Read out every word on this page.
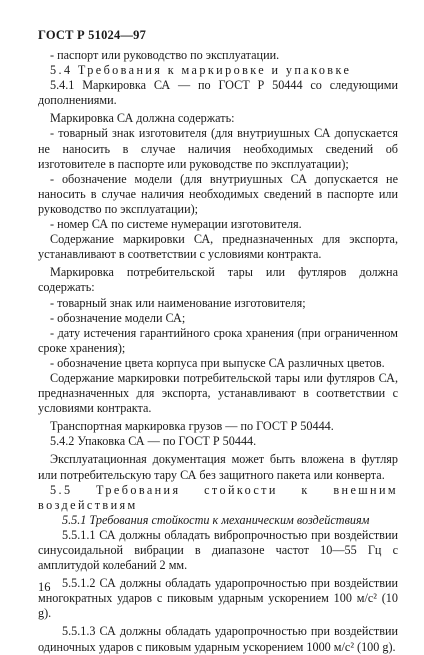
ГОСТ Р 51024—97

- паспорт или руководство по эксплуатации.

5.4 Требования к маркировке и упаковке

5.4.1 Маркировка СА — по ГОСТ Р 50444 со следующими дополнениями.

Маркировка СА должна содержать:

- товарный знак изготовителя (для внутриушных СА допускается не наносить в случае наличия необходимых сведений об изготовителе в паспорте или руководстве по эксплуатации);

- обозначение модели (для внутриушных СА допускается не наносить в случае наличия необходимых сведений в паспорте или руководство по эксплуатации);

- номер СА по системе нумерации изготовителя.

Содержание маркировки СА, предназначенных для экспорта, устанавливают в соответствии с условиями контракта.

Маркировка потребительской тары или футляров должна содержать:

- товарный знак или наименование изготовителя;

- обозначение модели СА;

- дату истечения гарантийного срока хранения (при ограниченном сроке хранения);

- обозначение цвета корпуса при выпуске СА различных цветов.

Содержание маркировки потребительской тары или футляров СА, предназначенных для экспорта, устанавливают в соответствии с условиями контракта.

Транспортная маркировка грузов — по ГОСТ Р 50444.

5.4.2 Упаковка СА — по ГОСТ Р 50444.

Эксплуатационная документация может быть вложена в футляр или потребительскую тару СА без защитного пакета или конверта.

5.5 Требования стойкости к внешним воздействиям

5.5.1 Требования стойкости к механическим воздействиям

5.5.1.1 СА должны обладать вибропрочностью при воздействии синусоидальной вибрации в диапазоне частот 10—55 Гц с амплитудой колебаний 2 мм.

5.5.1.2 СА должны обладать ударопрочностью при воздействии многократных ударов с пиковым ударным ускорением 100 м/с² (10 g).

5.5.1.3 СА должны обладать ударопрочностью при воздействии одиночных ударов с пиковым ударным ускорением 1000 м/с² (100 g).

16
